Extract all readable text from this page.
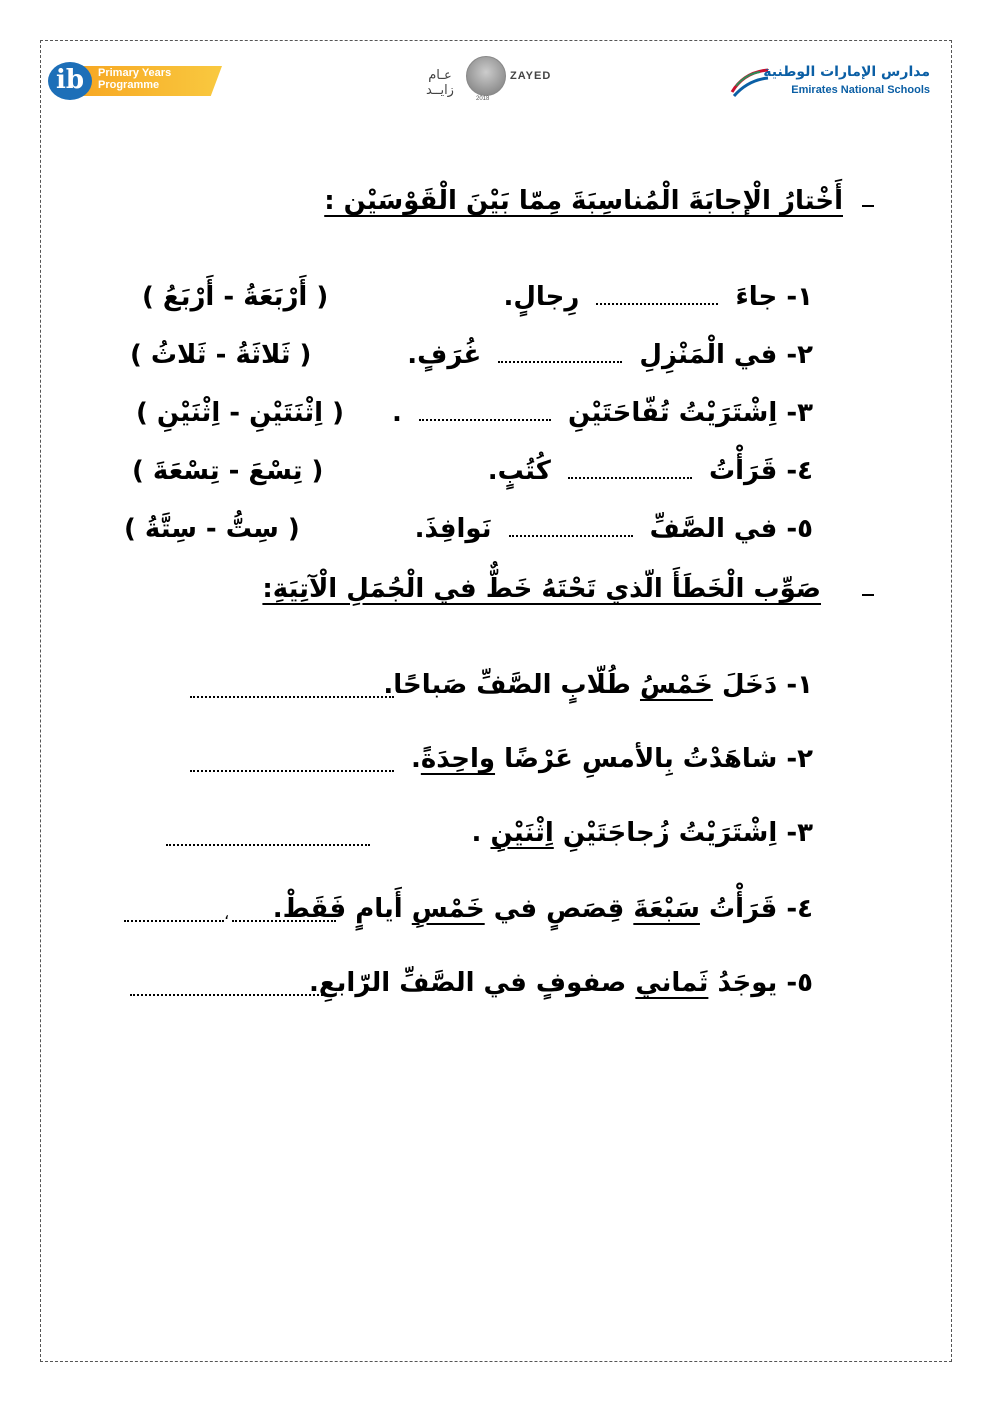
ib	Primary Years
Programme
عـام زايــد
ZAYED
2018
مدارس الإمارات الوطنية
Emirates National Schools
أَخْتارُ الْإجابَةَ الْمُناسِبَةَ مِمّا بَيْنَ الْقَوْسَيْن :
١- جاءَ  رِجالٍ.
( أَرْبَعَةُ - أَرْبَعُ )
٢- في الْمَنْزِلِ  غُرَفٍ.
( ثَلاثَةُ - ثَلاثُ )
٣- اِشْتَرَيْتُ تُفّاحَتَيْنِ  .
( اِثْنَتَيْنِ - اِثْنَيْنِ )
٤- قَرَأْتُ  كُتُبٍ.
( تِسْعَ - تِسْعَةَ )
٥- في الصَّفِّ  نَوافِذَ.
( سِتُّ - سِتَّةُ )
صَوِّب الْخَطَأَ الّذي تَحْتَهُ خَطٌّ في الْجُمَلِ الْآتِيَةِ:
١- دَخَلَ خَمْسُ طُلّابٍ الصَّفِّ صَباحًا.
٢- شاهَدْتُ بِالأمسِ عَرْضًا واحِدَةً.
٣- اِشْتَرَيْتُ زُجاجَتَيْنِ اِثْنَيْنِ .
٤- قَرَأْتُ سَبْعَةَ قِصَصٍ في خَمْسِ أَيامٍ فَقَطْ.
،
٥- يوجَدُ ثَماني صفوفٍ في الصَّفِّ الرّابعِ.
